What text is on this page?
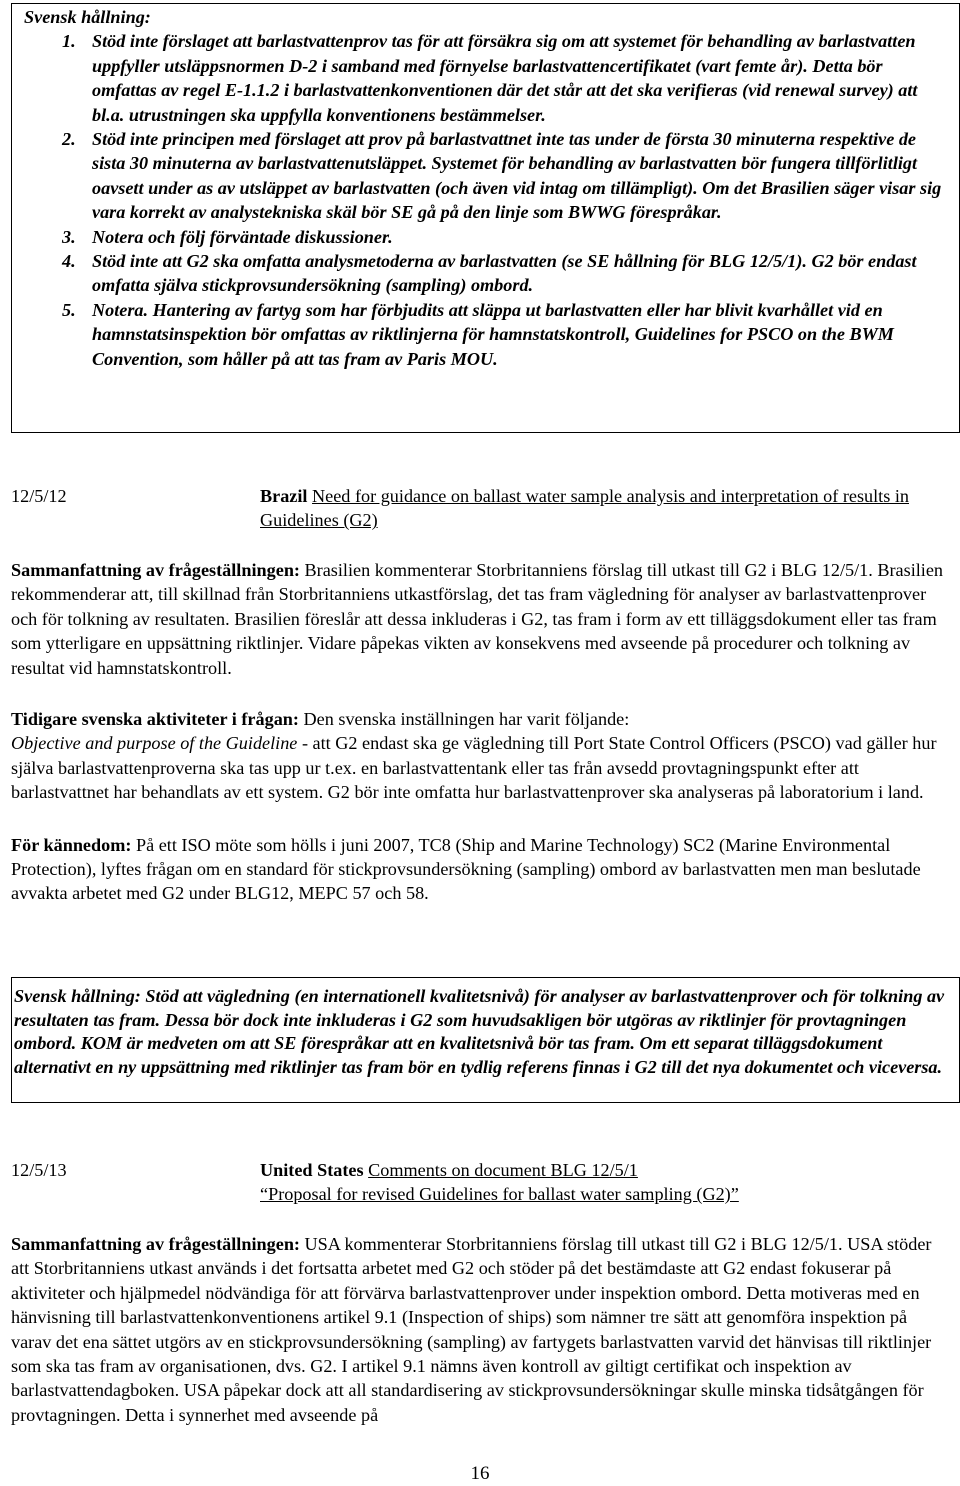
Svensk hållning:

1. Stöd inte förslaget att barlastvattenprov tas för att försäkra sig om att systemet för behandling av barlastvatten uppfyller utsläppsnormen D-2 i samband med förnyelse barlastvattencertifikatet (vart femte år). Detta bör omfattas av regel E-1.1.2 i barlastvattenkonventionen där det står att det ska verifieras (vid renewal survey) att bl.a. utrustningen ska uppfylla konventionens bestämmelser.
2. Stöd inte principen med förslaget att prov på barlastvattnet inte tas under de första 30 minuterna respektive de sista 30 minuterna av barlastvattenutsläppet. Systemet för behandling av barlastvatten bör fungera tillförlitligt oavsett under as av utsläppet av barlastvatten (och även vid intag om tillämpligt). Om det Brasilien säger visar sig vara korrekt av analystekniska skäl bör SE gå på den linje som BWWG förespråkar.
3. Notera och följ förväntade diskussioner.
4. Stöd inte att G2 ska omfatta analysmetoderna av barlastvatten (se SE hållning för BLG 12/5/1). G2 bör endast omfatta själva stickprovsundersökning (sampling) ombord.
5. Notera. Hantering av fartyg som har förbjudits att släppa ut barlastvatten eller har blivit kvarhållet vid en hamnstatsinspektion bör omfattas av riktlinjerna för hamnstatskontroll, Guidelines for PSCO on the BWM Convention, som håller på att tas fram av Paris MOU.
12/5/12	Brazil Need for guidance on ballast water sample analysis and interpretation of results in Guidelines (G2)

Sammanfattning av frågeställningen: Brasilien kommenterar Storbritanniens förslag till utkast till G2 i BLG 12/5/1. Brasilien rekommenderar att, till skillnad från Storbritanniens utkastförslag, det tas fram vägledning för analyser av barlastvattenprover och för tolkning av resultaten. Brasilien föreslår att dessa inkluderas i G2, tas fram i form av ett tilläggsdokument eller tas fram som ytterligare en uppsättning riktlinjer. Vidare påpekas vikten av konsekvens med avseende på procedurer och tolkning av resultat vid hamnstatskontroll.

Tidigare svenska aktiviteter i frågan: Den svenska inställningen har varit följande:
Objective and purpose of the Guideline - att G2 endast ska ge vägledning till Port State Control Officers (PSCO) vad gäller hur själva barlastvattenproverna ska tas upp ur t.ex. en barlastvattentank eller tas från avsedd provtagningspunkt efter att barlastvattnet har behandlats av ett system. G2 bör inte omfatta hur barlastvattenprover ska analyseras på laboratorium i land.

För kännedom: På ett ISO möte som hölls i juni 2007, TC8 (Ship and Marine Technology) SC2 (Marine Environmental Protection), lyftes frågan om en standard för stickprovsundersökning (sampling) ombord av barlastvatten men man beslutade avvakta arbetet med G2 under BLG12, MEPC 57 och 58.

Svensk hållning: Stöd att vägledning (en internationell kvalitetsnivå) för analyser av barlastvattenprover och för tolkning av resultaten tas fram. Dessa bör dock inte inkluderas i G2 som huvudsakligen bör utgöras av riktlinjer för provtagningen ombord. KOM är medveten om att SE förespråkar att en kvalitetsnivå bör tas fram. Om ett separat tilläggsdokument alternativt en ny uppsättning med riktlinjer tas fram bör en tydlig referens finnas i G2 till det nya dokumentet och viceversa.

12/5/13	United States Comments on document BLG 12/5/1
“Proposal for revised Guidelines for ballast water sampling (G2)”

Sammanfattning av frågeställningen: USA kommenterar Storbritanniens förslag till utkast till G2 i BLG 12/5/1. USA stöder att Storbritanniens utkast används i det fortsatta arbetet med G2 och stöder på det bestämdaste att G2 endast fokuserar på aktiviteter och hjälpmedel nödvändiga för att förvärva barlastvattenprover under inspektion ombord. Detta motiveras med en hänvisning till barlastvattenkonventionens artikel 9.1 (Inspection of ships) som nämner tre sätt att genomföra inspektion på varav det ena sättet utgörs av en stickprovsundersökning (sampling) av fartygets barlastvatten varvid det hänvisas till riktlinjer som ska tas fram av organisationen, dvs. G2. I artikel 9.1 nämns även kontroll av giltigt certifikat och inspektion av barlastvattendagboken. USA påpekar dock att all standardisering av stickprovsundersökningar skulle minska tidsåtgången för provtagningen. Detta i synnerhet med avseende på

16
